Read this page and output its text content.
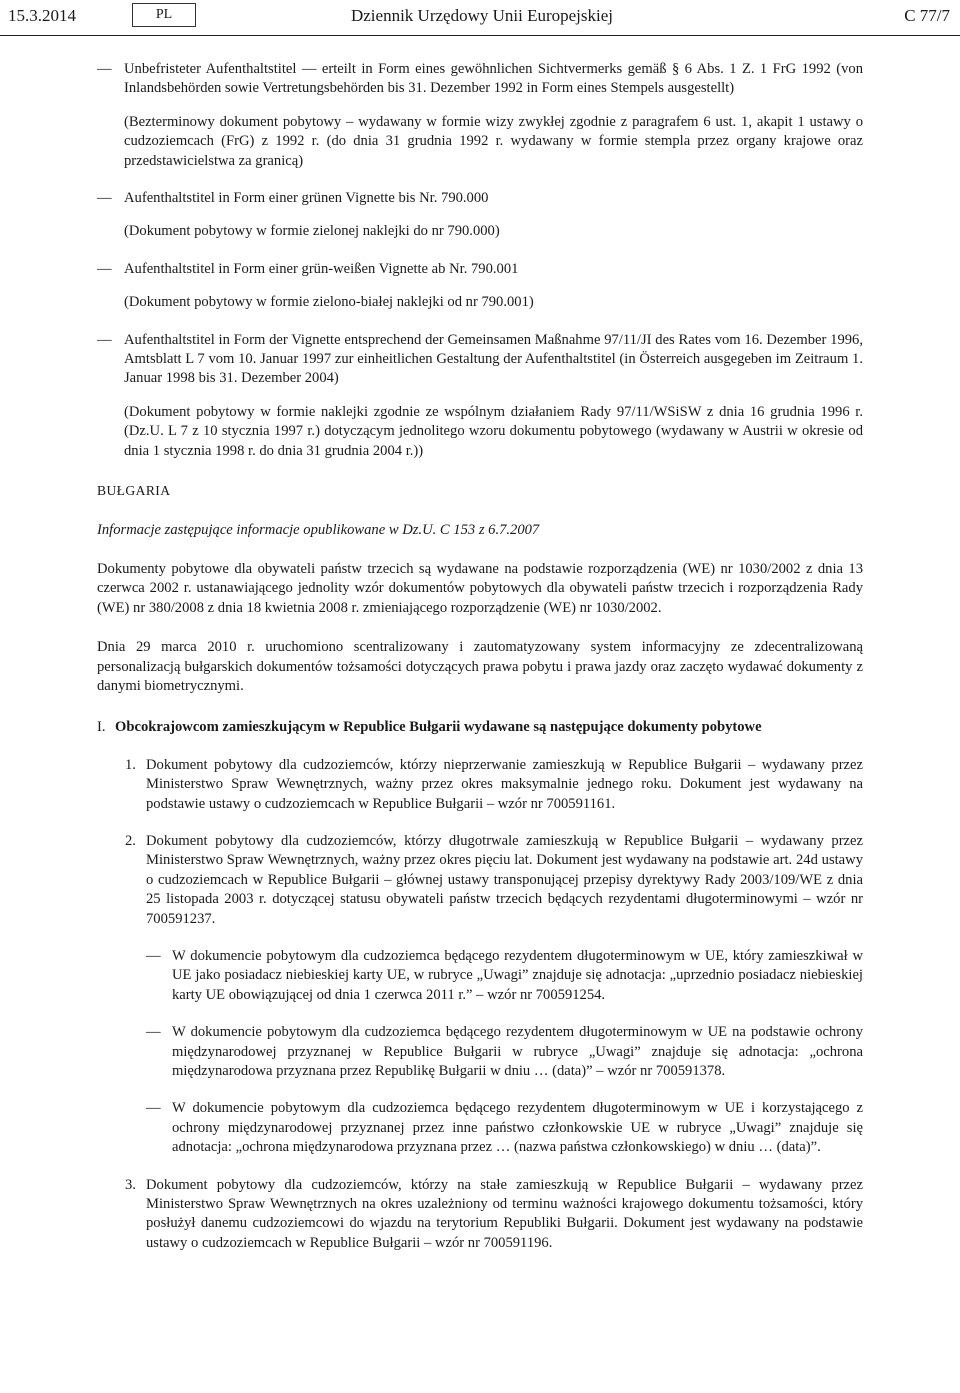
15.3.2014	PL	Dziennik Urzędowy Unii Europejskiej	C 77/7

— Unbefristeter Aufenthaltstitel — erteilt in Form eines gewöhnlichen Sichtvermerks gemäß § 6 Abs. 1 Z. 1 FrG 1992 (von Inlandsbehörden sowie Vertretungsbehörden bis 31. Dezember 1992 in Form eines Stempels ausgestellt)

(Bezterminowy dokument pobytowy – wydawany w formie wizy zwykłej zgodnie z paragrafem 6 ust. 1, akapit 1 ustawy o cudzoziemcach (FrG) z 1992 r. (do dnia 31 grudnia 1992 r. wydawany w formie stempla przez organy krajowe oraz przedstawicielstwa za granicą)

— Aufenthaltstitel in Form einer grünen Vignette bis Nr. 790.000

(Dokument pobytowy w formie zielonej naklejki do nr 790.000)

— Aufenthaltstitel in Form einer grün-weißen Vignette ab Nr. 790.001

(Dokument pobytowy w formie zielono-białej naklejki od nr 790.001)

— Aufenthaltstitel in Form der Vignette entsprechend der Gemeinsamen Maßnahme 97/11/JI des Rates vom 16. Dezember 1996, Amtsblatt L 7 vom 10. Januar 1997 zur einheitlichen Gestaltung der Aufenthaltstitel (in Österreich ausgegeben im Zeitraum 1. Januar 1998 bis 31. Dezember 2004)

(Dokument pobytowy w formie naklejki zgodnie ze wspólnym działaniem Rady 97/11/WSiSW z dnia 16 grudnia 1996 r. (Dz.U. L 7 z 10 stycznia 1997 r.) dotyczącym jednolitego wzoru dokumentu pobytowego (wydawany w Austrii w okresie od dnia 1 stycznia 1998 r. do dnia 31 grudnia 2004 r.))

BUŁGARIA

Informacje zastępujące informacje opublikowane w Dz.U. C 153 z 6.7.2007

Dokumenty pobytowe dla obywateli państw trzecich są wydawane na podstawie rozporządzenia (WE) nr 1030/2002 z dnia 13 czerwca 2002 r. ustanawiającego jednolity wzór dokumentów pobytowych dla obywateli państw trzecich i rozporządzenia Rady (WE) nr 380/2008 z dnia 18 kwietnia 2008 r. zmieniającego rozporządzenie (WE) nr 1030/2002.

Dnia 29 marca 2010 r. uruchomiono scentralizowany i zautomatyzowany system informacyjny ze zdecentralizowaną personalizacją bułgarskich dokumentów tożsamości dotyczących prawa pobytu i prawa jazdy oraz zaczęto wydawać dokumenty z danymi biometrycznymi.

I. Obcokrajowcom zamieszkującym w Republice Bułgarii wydawane są następujące dokumenty pobytowe

1. Dokument pobytowy dla cudzoziemców, którzy nieprzerwanie zamieszkują w Republice Bułgarii – wydawany przez Ministerstwo Spraw Wewnętrznych, ważny przez okres maksymalnie jednego roku. Dokument jest wydawany na podstawie ustawy o cudzoziemcach w Republice Bułgarii – wzór nr 700591161.

2. Dokument pobytowy dla cudzoziemców, którzy długotrwale zamieszkują w Republice Bułgarii – wydawany przez Ministerstwo Spraw Wewnętrznych, ważny przez okres pięciu lat. Dokument jest wydawany na podstawie art. 24d ustawy o cudzoziemcach w Republice Bułgarii – głównej ustawy transponującej przepisy dyrektywy Rady 2003/109/WE z dnia 25 listopada 2003 r. dotyczącej statusu obywateli państw trzecich będących rezydentami długoterminowymi – wzór nr 700591237.

— W dokumencie pobytowym dla cudzoziemca będącego rezydentem długoterminowym w UE, który zamieszkiwał w UE jako posiadacz niebieskiej karty UE, w rubryce „Uwagi” znajduje się adnotacja: „uprzednio posiadacz niebieskiej karty UE obowiązującej od dnia 1 czerwca 2011 r.” – wzór nr 700591254.

— W dokumencie pobytowym dla cudzoziemca będącego rezydentem długoterminowym w UE na podstawie ochrony międzynarodowej przyznanej w Republice Bułgarii w rubryce „Uwagi” znajduje się adnotacja: „ochrona międzynarodowa przyznana przez Republikę Bułgarii w dniu … (data)” – wzór nr 700591378.

— W dokumencie pobytowym dla cudzoziemca będącego rezydentem długoterminowym w UE i korzystającego z ochrony międzynarodowej przyznanej przez inne państwo członkowskie UE w rubryce „Uwagi” znajduje się adnotacja: „ochrona międzynarodowa przyznana przez … (nazwa państwa członkowskiego) w dniu … (data)”.

3. Dokument pobytowy dla cudzoziemców, którzy na stałe zamieszkują w Republice Bułgarii – wydawany przez Ministerstwo Spraw Wewnętrznych na okres uzależniony od terminu ważności krajowego dokumentu tożsamości, który posłużył danemu cudzoziemcowi do wjazdu na terytorium Republiki Bułgarii. Dokument jest wydawany na podstawie ustawy o cudzoziemcach w Republice Bułgarii – wzór nr 700591196.
